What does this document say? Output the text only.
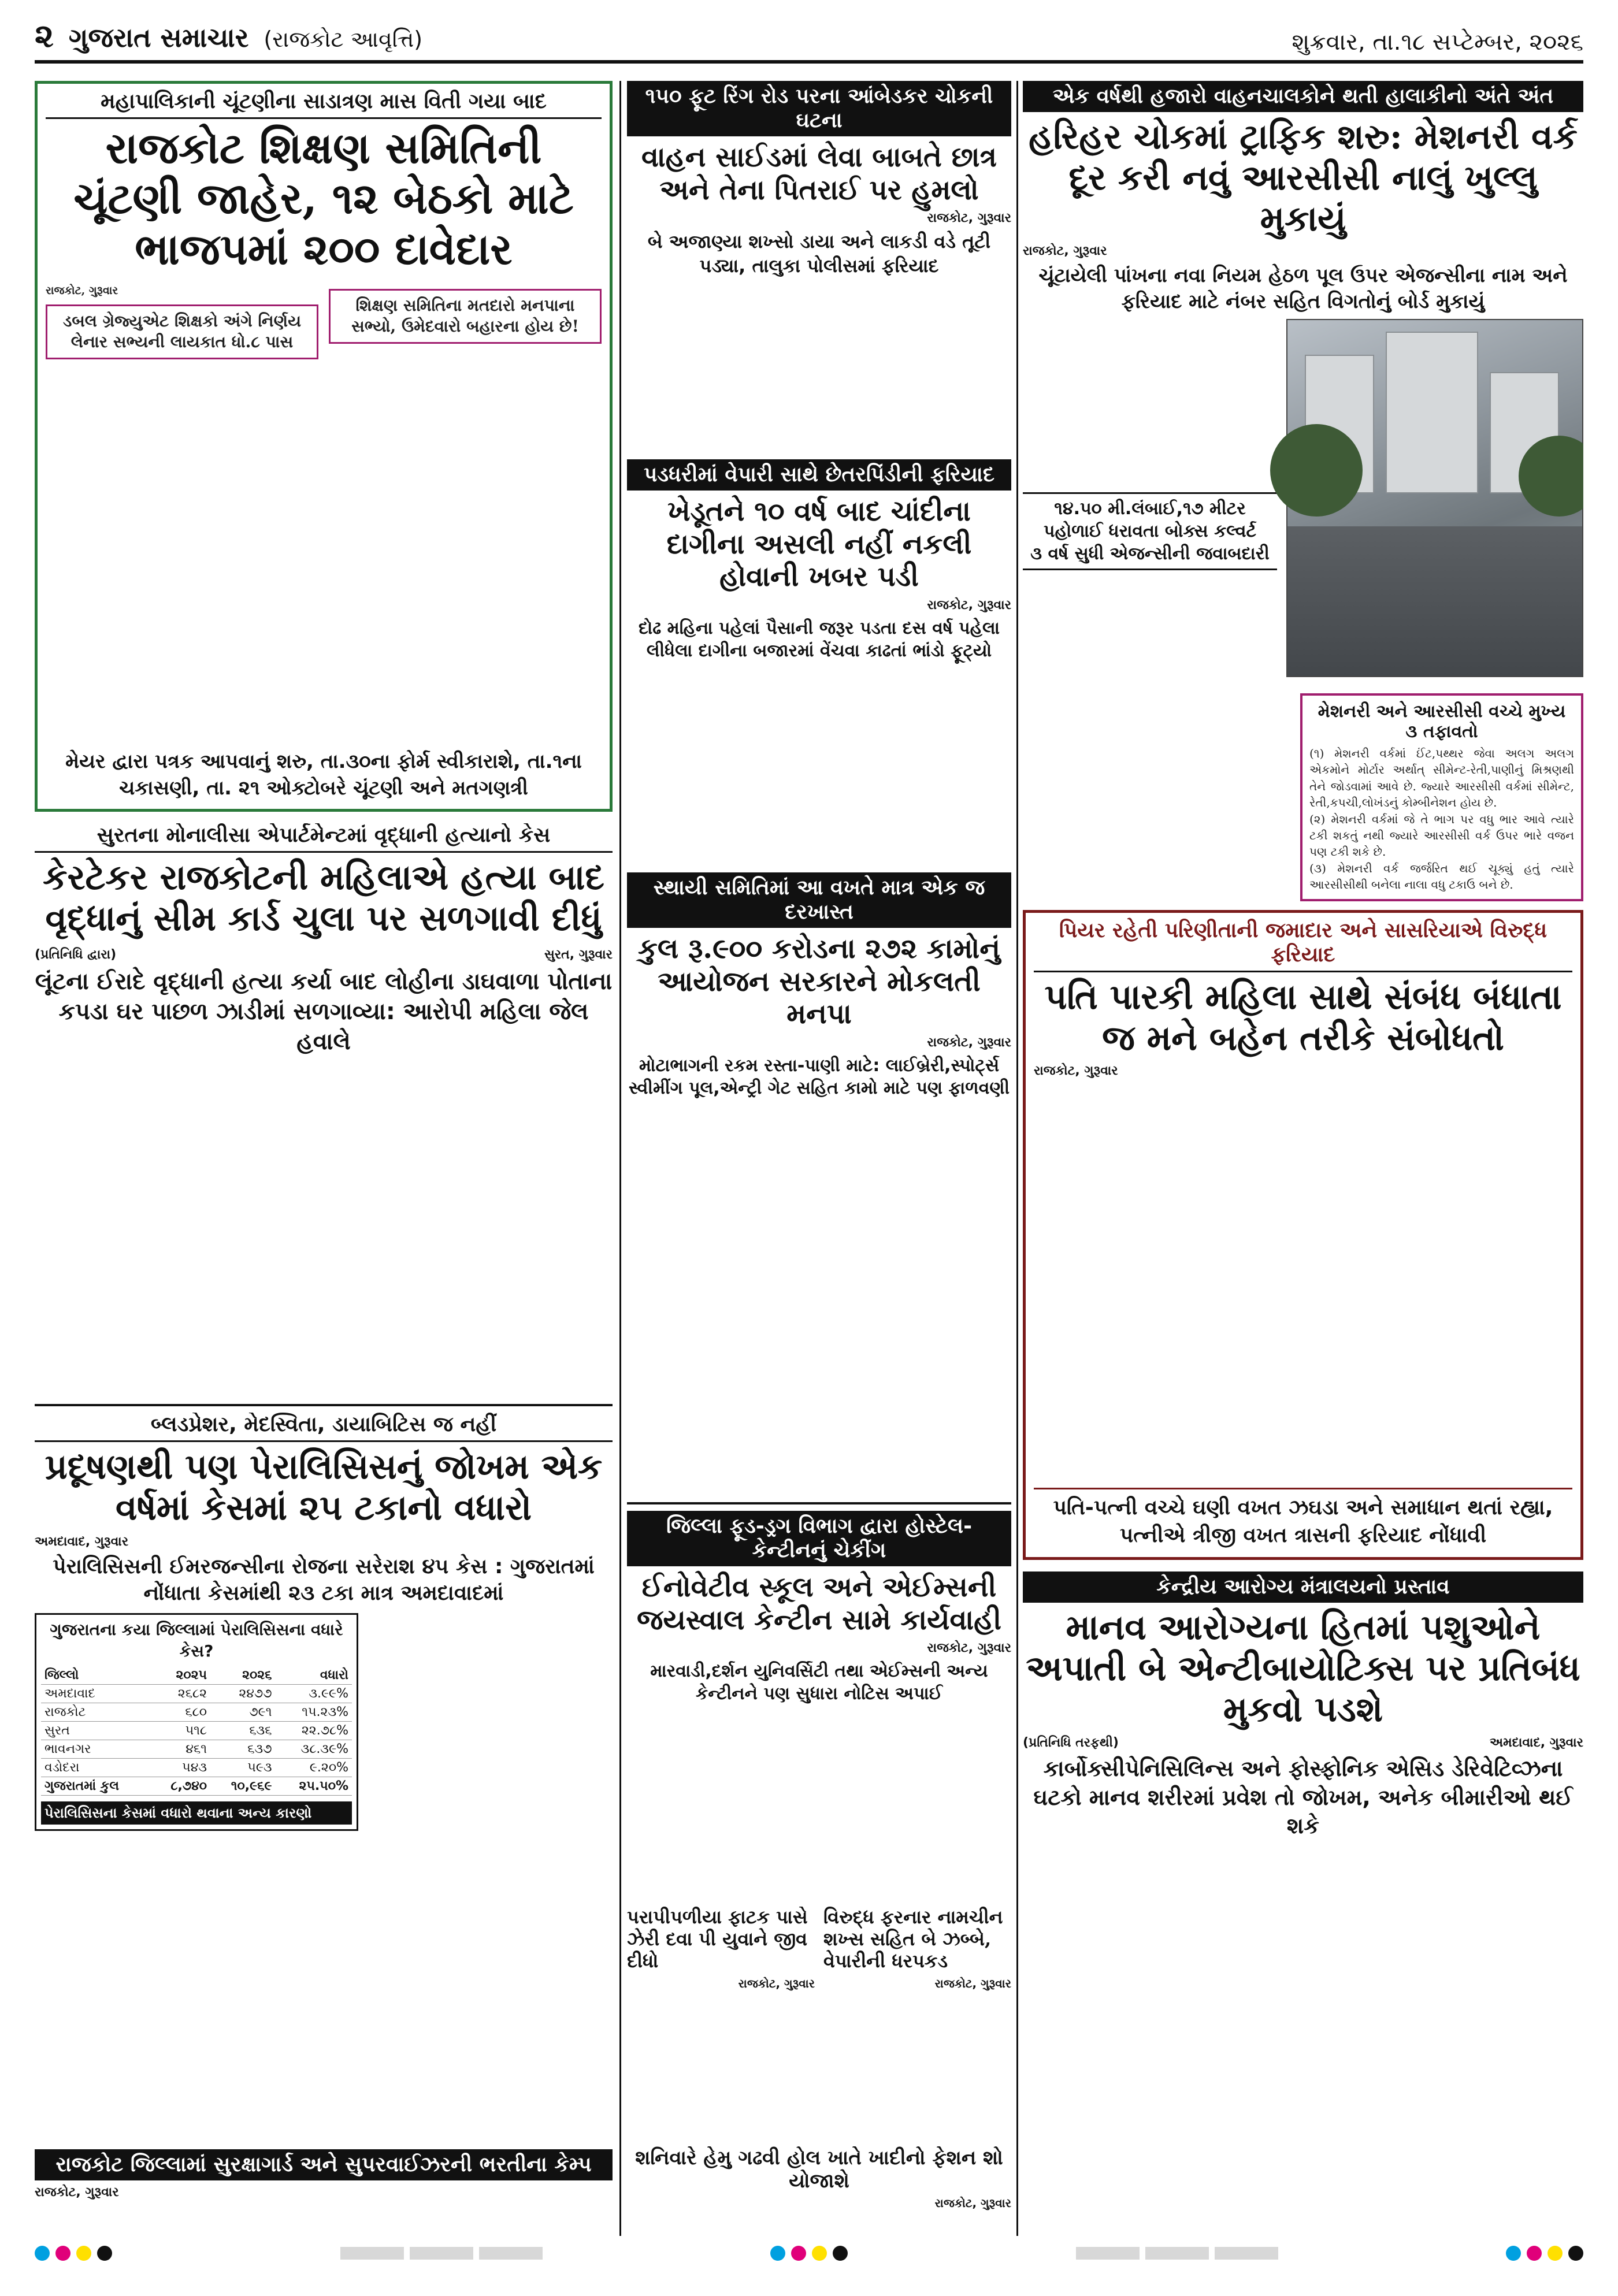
૨ ગુજરાત સમાચાર (રાજકોટ આવૃત્તિ)	શુક્રવાર, તા.૧૮ સપ્ટેમ્બર, ૨૦૨૬
મહાપાલિકાની ચૂંટણીના સાડાત્રણ માસ વિતી ગયા બાદ
રાજકોટ શિક્ષણ સમિતિની ચૂંટણી જાહેર, ૧૨ બેઠકો માટે ભાજપમાં ૨૦૦ દાવેદાર
રાજકોટ, ગુરૂવાર
ડબલ ગ્રેજ્યુએટ શિક્ષકો અંગે નિર્ણય લેનાર સભ્યની લાયકાત ધો.૮ પાસ
શિક્ષણ સમિતિના મતદારો મનપાના સભ્યો, ઉમેદવારો બહારના હોય છે!
મેયર દ્વારા પત્રક આપવાનું શરુ, તા.૩૦ના ફોર્મ સ્વીકારાશે, તા.૧ના ચકાસણી, તા. ૨૧ ઓક્ટોબરે ચૂંટણી અને મતગણત્રી
સુરતના મોનાલીસા એપાર્ટમેન્ટમાં વૃદ્ધાની હત્યાનો કેસ
કેરટેકર રાજકોટની મહિલાએ હત્યા બાદ વૃદ્ધાનું સીમ કાર્ડ ચુલા પર સળગાવી દીધું
(પ્રતિનિધિ દ્વારા)	સુરત, ગુરૂવાર
લૂંટના ઈરાદે વૃદ્ધાની હત્યા કર્યા બાદ લોહીના ડાઘવાળા પોતાના કપડા ઘર પાછળ ઝાડીમાં સળગાવ્યા: આરોપી મહિલા જેલ હવાલે
બ્લડપ્રેશર, મેદસ્વિતા, ડાયાબિટિસ જ નહીં
પ્રદૂષણથી પણ પેરાલિસિસનું જોખમ એક વર્ષમાં કેસમાં ૨૫ ટકાનો વધારો
અમદાવાદ, ગુરૂવાર
પેરાલિસિસની ઈમરજન્સીના રોજના સરેરાશ ૪૫ કેસ : ગુજરાતમાં નોંધાતા કેસમાંથી ૨૩ ટકા માત્ર અમદાવાદમાં
ગુજરાતના કયા જિલ્લામાં પેરાલિસિસના વધારે કેસ?
જિલ્લો	૨૦૨૫	૨૦૨૬	વધારો
અમદાવાદ	૨૬૮૨	૨૪૭૭	૩.૯૯%
રાજકોટ	૬૮૦	૭૯૧	૧૫.૨૩%
સુરત	૫૧૮	૬૩૬	૨૨.૭૮%
ભાવનગર	૪૬૧	૬૩૭	૩૮.૩૯%
વડોદરા	૫૪૩	૫૯૩	૯.૨૦%
ગુજરાતમાં કુલ	૮,૭૪૦	૧૦,૯૬૯	૨૫.૫૦%
પેરાલિસિસના કેસમાં વધારો થવાના અન્ય કારણો
રાજકોટ જિલ્લામાં સુરક્ષાગાર્ડ અને સુપરવાઈઝરની ભરતીના કેમ્પ
રાજકોટ, ગુરૂવાર
૧૫૦ ફૂટ રિંગ રોડ પરના આંબેડકર ચોકની ઘટના
વાહન સાઈડમાં લેવા બાબતે છાત્ર અને તેના પિતરાઈ પર હુમલો
રાજકોટ, ગુરૂવાર
બે અજાણ્યા શખ્સો ડાયા અને લાકડી વડે તૂટી પડ્યા, તાલુકા પોલીસમાં ફરિયાદ
પડધરીમાં વેપારી સાથે છેતરપિંડીની ફરિયાદ
ખેડૂતને ૧૦ વર્ષ બાદ ચાંદીના દાગીના અસલી નહીં નકલી હોવાની ખબર પડી
રાજકોટ, ગુરૂવાર
દોઢ મહિના પહેલાં પૈસાની જરૂર પડતા દસ વર્ષ પહેલા લીધેલા દાગીના બજારમાં વેંચવા કાઢતાં ભાંડો ફૂટ્યો
સ્થાયી સમિતિમાં આ વખતે માત્ર એક જ દરખાસ્ત
કુલ રૂ.૯૦૦ કરોડના ૨૭૨ કામોનું આયોજન સરકારને મોકલતી મનપા
રાજકોટ, ગુરૂવાર
મોટાભાગની રકમ રસ્તા-પાણી માટે: લાઈબ્રેરી,સ્પોર્ટ્સ સ્વીમીંગ પૂલ,એન્ટ્રી ગેટ સહિત કામો માટે પણ ફાળવણી
જિલ્લા ફૂડ-ડ્રગ વિભાગ દ્વારા હોસ્ટેલ-કેન્ટીનનું ચેકીંગ
ઈનોવેટીવ સ્કૂલ અને એઈમ્સની જયસ્વાલ કેન્ટીન સામે કાર્યવાહી
રાજકોટ, ગુરૂવાર
મારવાડી,દર્શન યુનિવર્સિટી તથા એઈમ્સની અન્ય કેન્ટીનને પણ સુધારા નોટિસ અપાઈ
પરાપીપળીયા ફાટક પાસે ઝેરી દવા પી યુવાને જીવ દીધો
રાજકોટ, ગુરૂવાર
વિરુદ્ધ ફરનાર નામચીન શખ્સ સહિત બે ઝબ્બે, વેપારીની ધરપકડ
રાજકોટ, ગુરૂવાર
શનિવારે હેમુ ગઢવી હોલ ખાતે ખાદીનો ફેશન શો યોજાશે
રાજકોટ, ગુરૂવાર
એક વર્ષથી હજારો વાહનચાલકોને થતી હાલાકીનો અંતે અંત
હરિહર ચોકમાં ટ્રાફિક શરુ: મેશનરી વર્ક દૂર કરી નવું આરસીસી નાલું ખુલ્લુ મુકાયું
રાજકોટ, ગુરૂવાર
ચૂંટાયેલી પાંખના નવા નિયમ હેઠળ પૂલ ઉપર એજન્સીના નામ અને ફરિયાદ માટે નંબર સહિત વિગતોનું બોર્ડ મુકાયું
૧૪.૫૦ મી.લંબાઈ,૧૭ મીટર પહોળાઈ ધરાવતા બોક્સ કલ્વર્ટ
૩ વર્ષ સુધી એજન્સીની જવાબદારી
મેશનરી અને આરસીસી વચ્ચે મુખ્ય ૩ તફાવતો
(૧) મેશનરી વર્કમાં ઈંટ,પથ્થર જેવા અલગ અલગ એકમોને મોર્ટાર અર્થાત્ સીમેન્ટ-રેતી,પાણીનું મિશ્રણથી તેને જોડવામાં આવે છે. જ્યારે આરસીસી વર્કમાં સીમેન્ટ, રેતી,કપચી,લોખંડનું કોમ્બીનેશન હોય છે.
(૨) મેશનરી વર્કમાં જે તે ભાગ પર વધુ ભાર આવે ત્યારે ટકી શકતું નથી જ્યારે આરસીસી વર્ક ઉપર ભારે વજન પણ ટકી શકે છે.
(૩) મેશનરી વર્ક જર્જરિત થઈ ચૂક્યું હતું ત્યારે આરસીસીથી બનેલા નાલા વધુ ટકાઉ બને છે.
પિયર રહેતી પરિણીતાની જમાદાર અને સાસરિયાએ વિરુદ્ધ ફરિયાદ
પતિ પારકી મહિલા સાથે સંબંધ બંધાતા જ મને બહેન તરીકે સંબોધતો
રાજકોટ, ગુરૂવાર
પતિ-પત્ની વચ્ચે ઘણી વખત ઝઘડા અને સમાધાન થતાં રહ્યા, પત્નીએ ત્રીજી વખત ત્રાસની ફરિયાદ નોંધાવી
કેન્દ્રીય આરોગ્ય મંત્રાલયનો પ્રસ્તાવ
માનવ આરોગ્યના હિતમાં પશુઓને અપાતી બે એન્ટીબાયોટિક્સ પર પ્રતિબંધ મુકવો પડશે
(પ્રતિનિધિ તરફથી)	અમદાવાદ, ગુરૂવાર
કાર્બોક્સીપેનિસિલિન્સ અને ફોસ્ફોનિક એસિડ ડેરિવેટિવ્ઝના ઘટકો માનવ શરીરમાં પ્રવેશ તો જોખમ, અનેક બીમારીઓ થઈ શકે
